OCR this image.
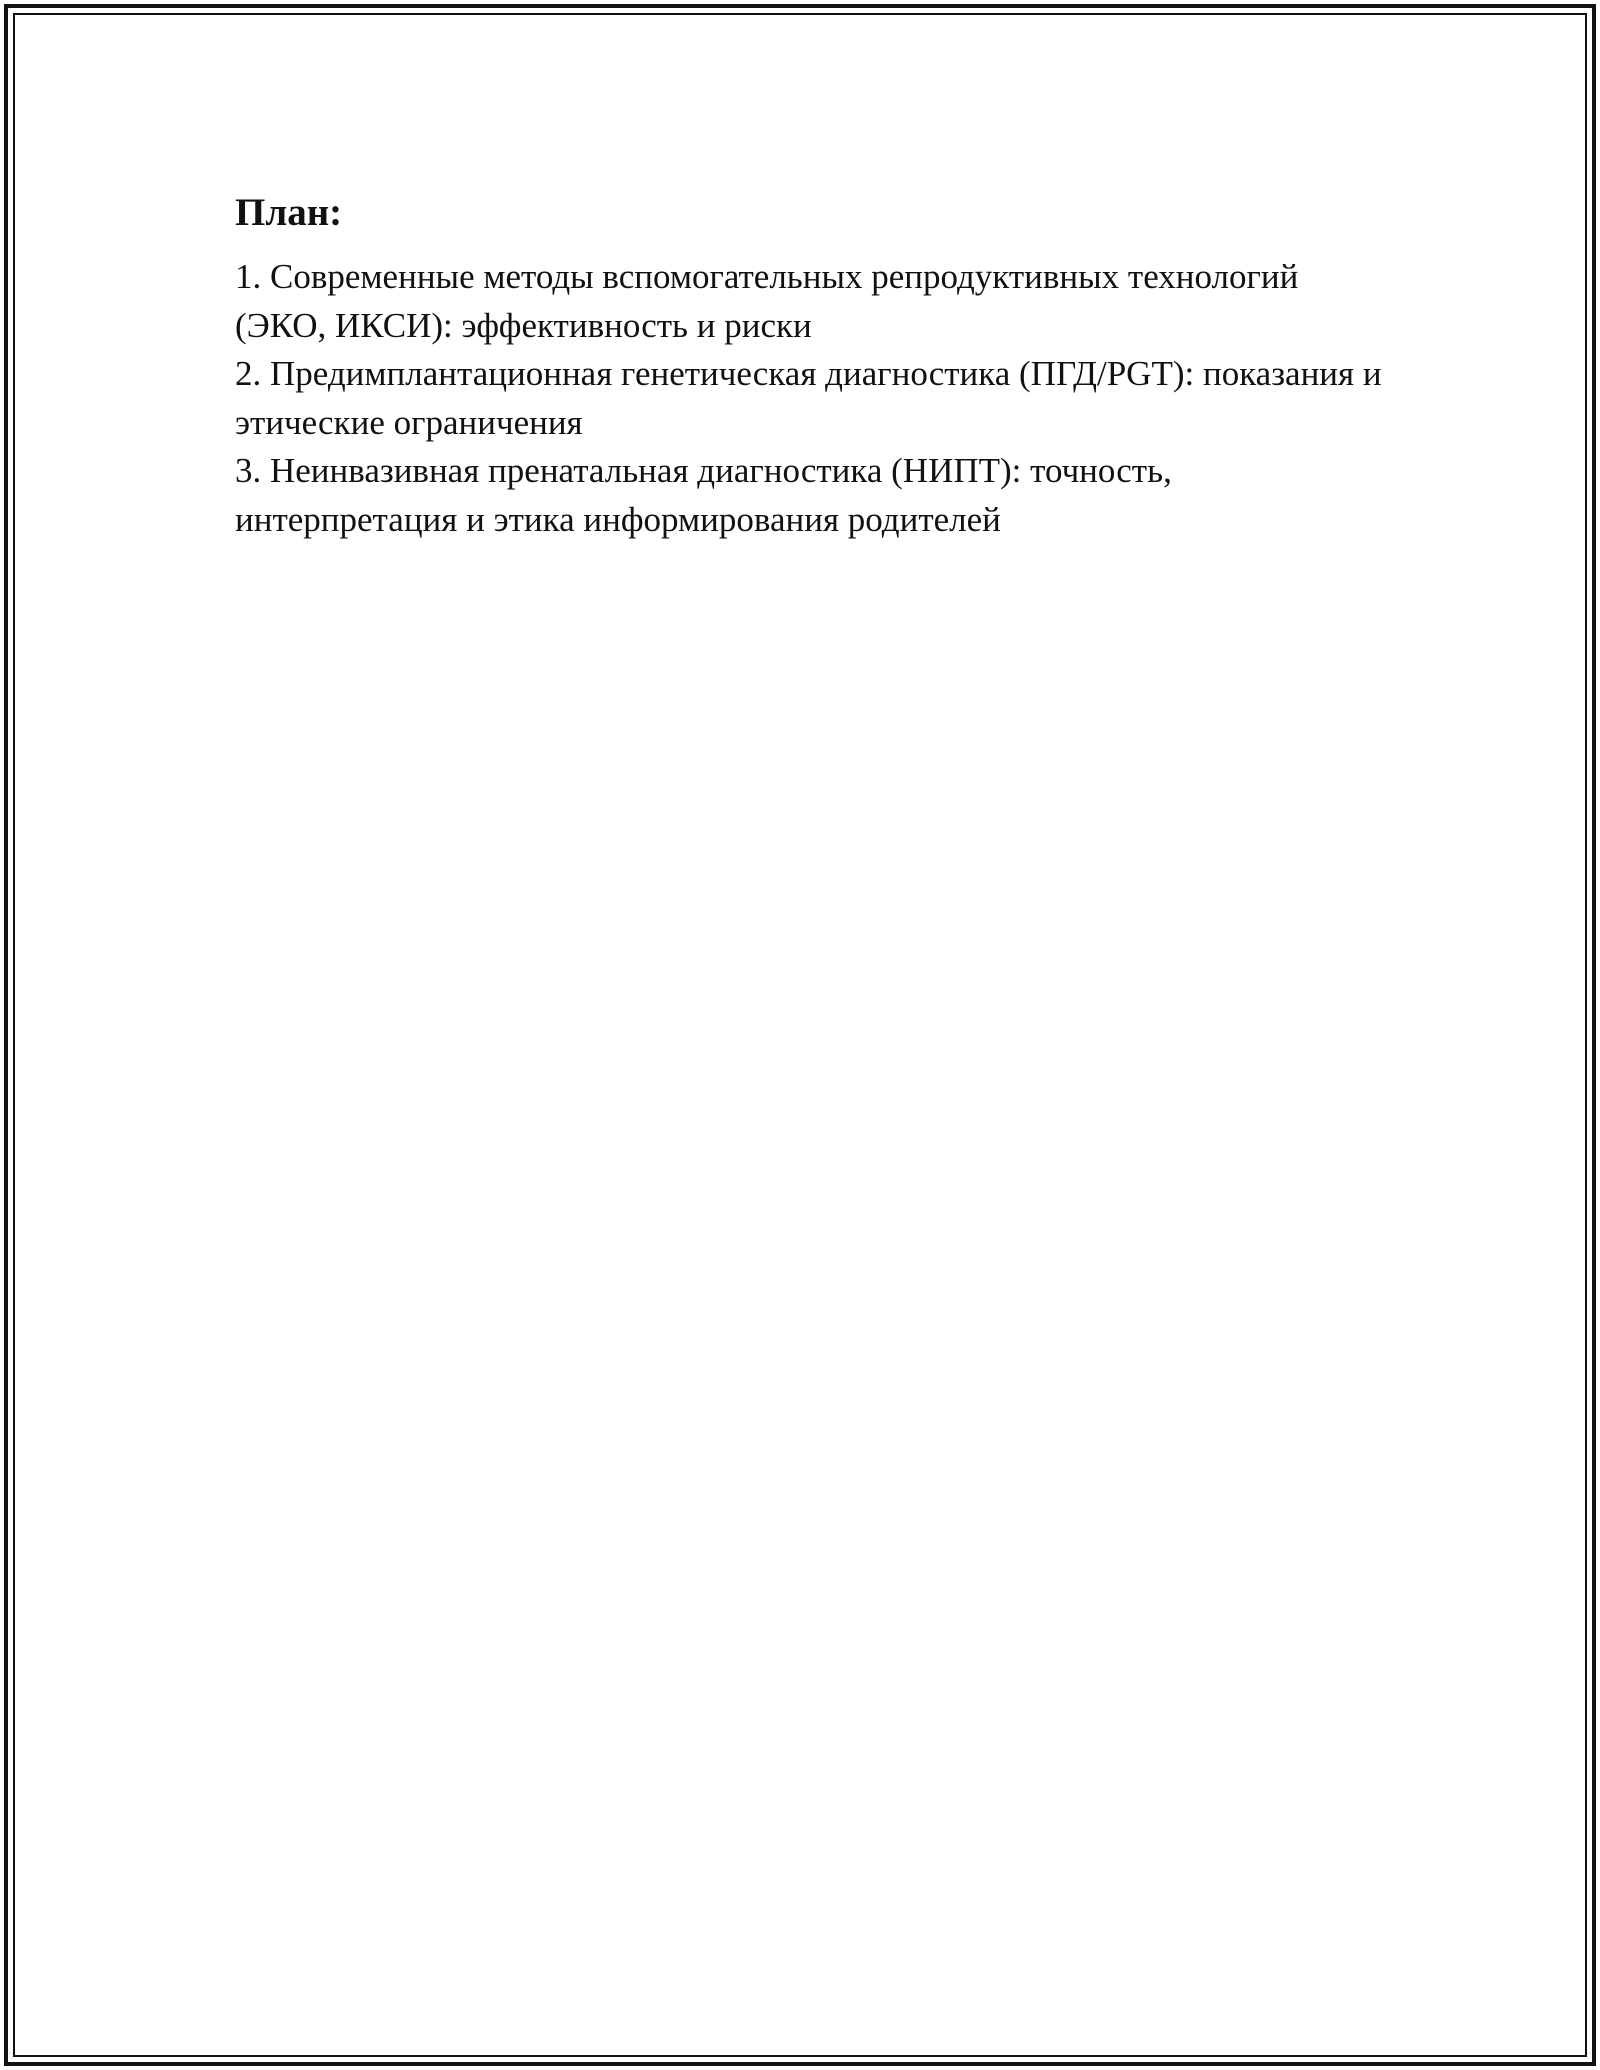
План:
1. Современные методы вспомогательных репродуктивных технологий (ЭКО, ИКСИ): эффективность и риски
2. Предимплантационная генетическая диагностика (ПГД/PGT): показания и этические ограничения
3. Неинвазивная пренатальная диагностика (НИПТ): точность, интерпретация и этика информирования родителей
